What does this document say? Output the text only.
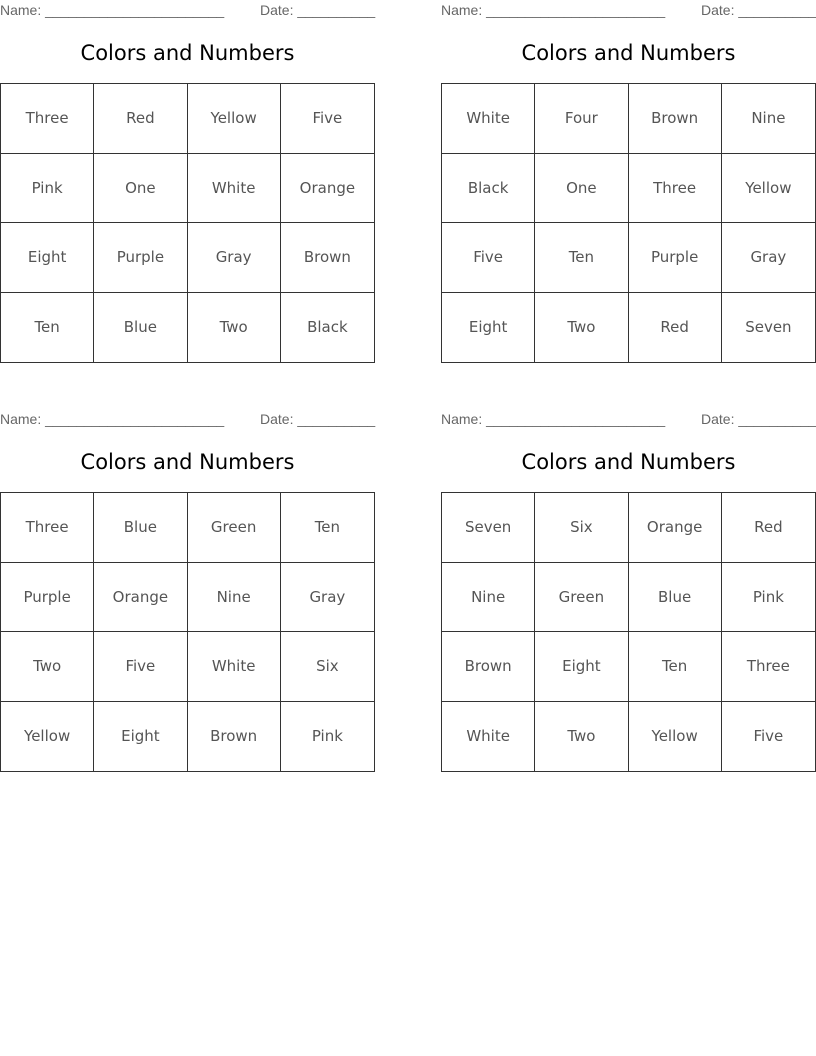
Name: _______________________	Date: __________
Colors and Numbers
Three	Red	Yellow	Five
Pink	One	White	Orange
Eight	Purple	Gray	Brown
Ten	Blue	Two	Black
Name: _______________________	Date: __________
Colors and Numbers
White	Four	Brown	Nine
Black	One	Three	Yellow
Five	Ten	Purple	Gray
Eight	Two	Red	Seven
Name: _______________________	Date: __________
Colors and Numbers
Three	Blue	Green	Ten
Purple	Orange	Nine	Gray
Two	Five	White	Six
Yellow	Eight	Brown	Pink
Name: _______________________	Date: __________
Colors and Numbers
Seven	Six	Orange	Red
Nine	Green	Blue	Pink
Brown	Eight	Ten	Three
White	Two	Yellow	Five
